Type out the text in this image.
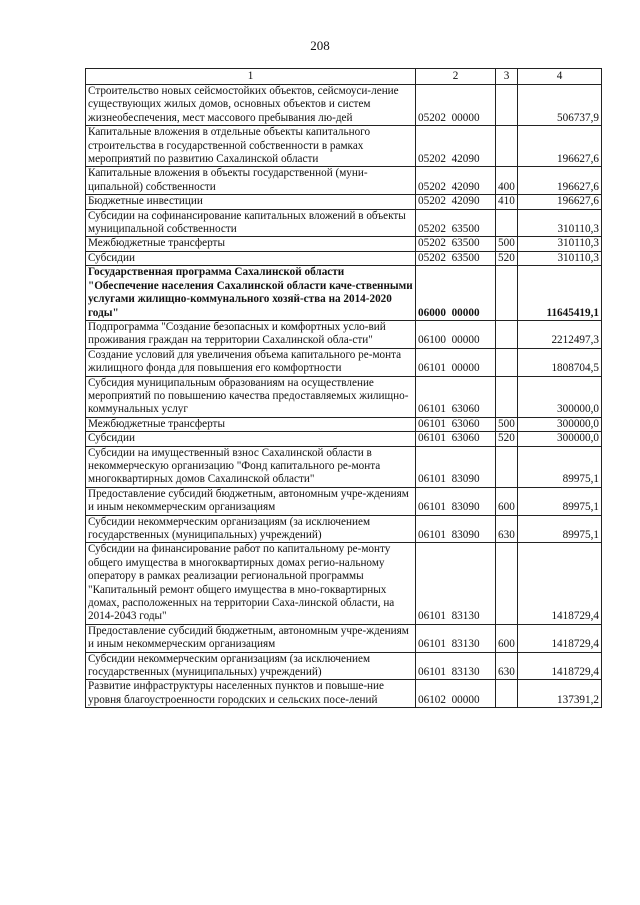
208
1	2	3	4
Строительство новых сейсмостойких объектов, сейсмоуси-ление существующих жилых домов, основных объектов и систем жизнеобеспечения, мест массового пребывания лю-дей	05202  00000		506737,9
Капитальные вложения в отдельные объекты капитального строительства в государственной собственности в рамках мероприятий по развитию Сахалинской области	05202  42090		196627,6
Капитальные вложения в объекты государственной (муни-ципальной) собственности	05202  42090	400	196627,6
Бюджетные инвестиции	05202  42090	410	196627,6
Субсидии на софинансирование капитальных вложений в объекты муниципальной собственности	05202  63500		310110,3
Межбюджетные трансферты	05202  63500	500	310110,3
Субсидии	05202  63500	520	310110,3
Государственная программа Сахалинской области "Обеспечение населения Сахалинской области каче-ственными услугами жилищно-коммунального хозяй-ства на 2014-2020 годы"	06000  00000		11645419,1
Подпрограмма "Создание безопасных и комфортных усло-вий проживания граждан на территории Сахалинской обла-сти"	06100  00000		2212497,3
Создание условий для увеличения объема капитального ре-монта жилищного фонда для повышения его комфортности	06101  00000		1808704,5
Субсидия муниципальным образованиям на осуществление мероприятий по повышению качества предоставляемых жилищно-коммунальных услуг	06101  63060		300000,0
Межбюджетные трансферты	06101  63060	500	300000,0
Субсидии	06101  63060	520	300000,0
Субсидии на имущественный взнос Сахалинской области в некоммерческую организацию "Фонд капитального ре-монта многоквартирных домов Сахалинской области"	06101  83090		89975,1
Предоставление субсидий бюджетным, автономным учре-ждениям и иным некоммерческим организациям	06101  83090	600	89975,1
Субсидии некоммерческим организациям (за исключением государственных (муниципальных) учреждений)	06101  83090	630	89975,1
Субсидии на финансирование работ по капитальному ре-монту общего имущества в многоквартирных домах регио-нальному оператору в рамках реализации региональной программы "Капитальный ремонт общего имущества в мно-гоквартирных домах, расположенных на территории Саха-линской области, на 2014-2043 годы"	06101  83130		1418729,4
Предоставление субсидий бюджетным, автономным учре-ждениям и иным некоммерческим организациям	06101  83130	600	1418729,4
Субсидии некоммерческим организациям (за исключением государственных (муниципальных) учреждений)	06101  83130	630	1418729,4
Развитие инфраструктуры населенных пунктов и повыше-ние уровня благоустроенности городских и сельских посе-лений	06102  00000		137391,2
